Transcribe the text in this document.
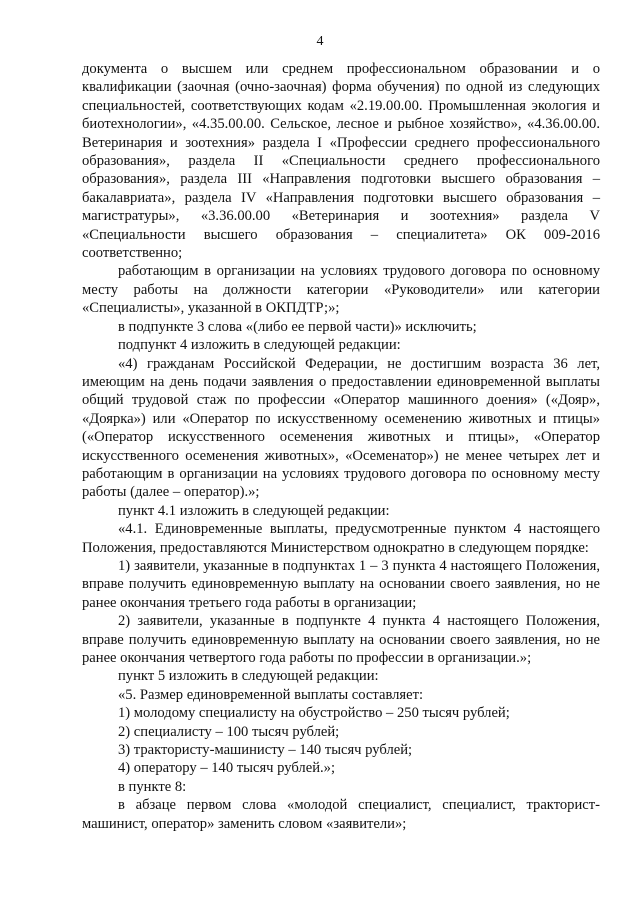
4

документа о высшем или среднем профессиональном образовании и о квалификации (заочная (очно-заочная) форма обучения) по одной из следующих специальностей, соответствующих кодам «2.19.00.00. Промышленная экология и биотехнологии», «4.35.00.00. Сельское, лесное и рыбное хозяйство», «4.36.00.00. Ветеринария и зоотехния» раздела I «Профессии среднего профессионального образования», раздела II «Специальности среднего профессионального образования», раздела III «Направления подготовки высшего образования – бакалавриата», раздела IV «Направления подготовки высшего образования – магистратуры», «3.36.00.00 «Ветеринария и зоотехния» раздела V «Специальности высшего образования – специалитета» ОК 009-2016 соответственно;

работающим в организации на условиях трудового договора по основному месту работы на должности категории «Руководители» или категории «Специалисты», указанной в ОКПДТР;»;

в подпункте 3 слова «(либо ее первой части)» исключить;

подпункт 4 изложить в следующей редакции:

«4) гражданам Российской Федерации, не достигшим возраста 36 лет, имеющим на день подачи заявления о предоставлении единовременной выплаты общий трудовой стаж по профессии «Оператор машинного доения» («Дояр», «Доярка») или «Оператор по искусственному осеменению животных и птицы» («Оператор искусственного осеменения животных и птицы», «Оператор искусственного осеменения животных», «Осеменатор») не менее четырех лет и работающим в организации на условиях трудового договора по основному месту работы (далее – оператор).»;

пункт 4.1 изложить в следующей редакции:

«4.1. Единовременные выплаты, предусмотренные пунктом 4 настоящего Положения, предоставляются Министерством однократно в следующем порядке:

1) заявители, указанные в подпунктах 1 – 3 пункта 4 настоящего Положения, вправе получить единовременную выплату на основании своего заявления, но не ранее окончания третьего года работы в организации;

2) заявители, указанные в подпункте 4 пункта 4 настоящего Положения, вправе получить единовременную выплату на основании своего заявления, но не ранее окончания четвертого года работы по профессии в организации.»;

пункт 5 изложить в следующей редакции:

«5. Размер единовременной выплаты составляет:

1) молодому специалисту на обустройство – 250 тысяч рублей;

2) специалисту – 100 тысяч рублей;

3) трактористу-машинисту – 140 тысяч рублей;

4) оператору – 140 тысяч рублей.»;

в пункте 8:

в абзаце первом слова «молодой специалист, специалист, тракторист-машинист, оператор» заменить словом «заявители»;
